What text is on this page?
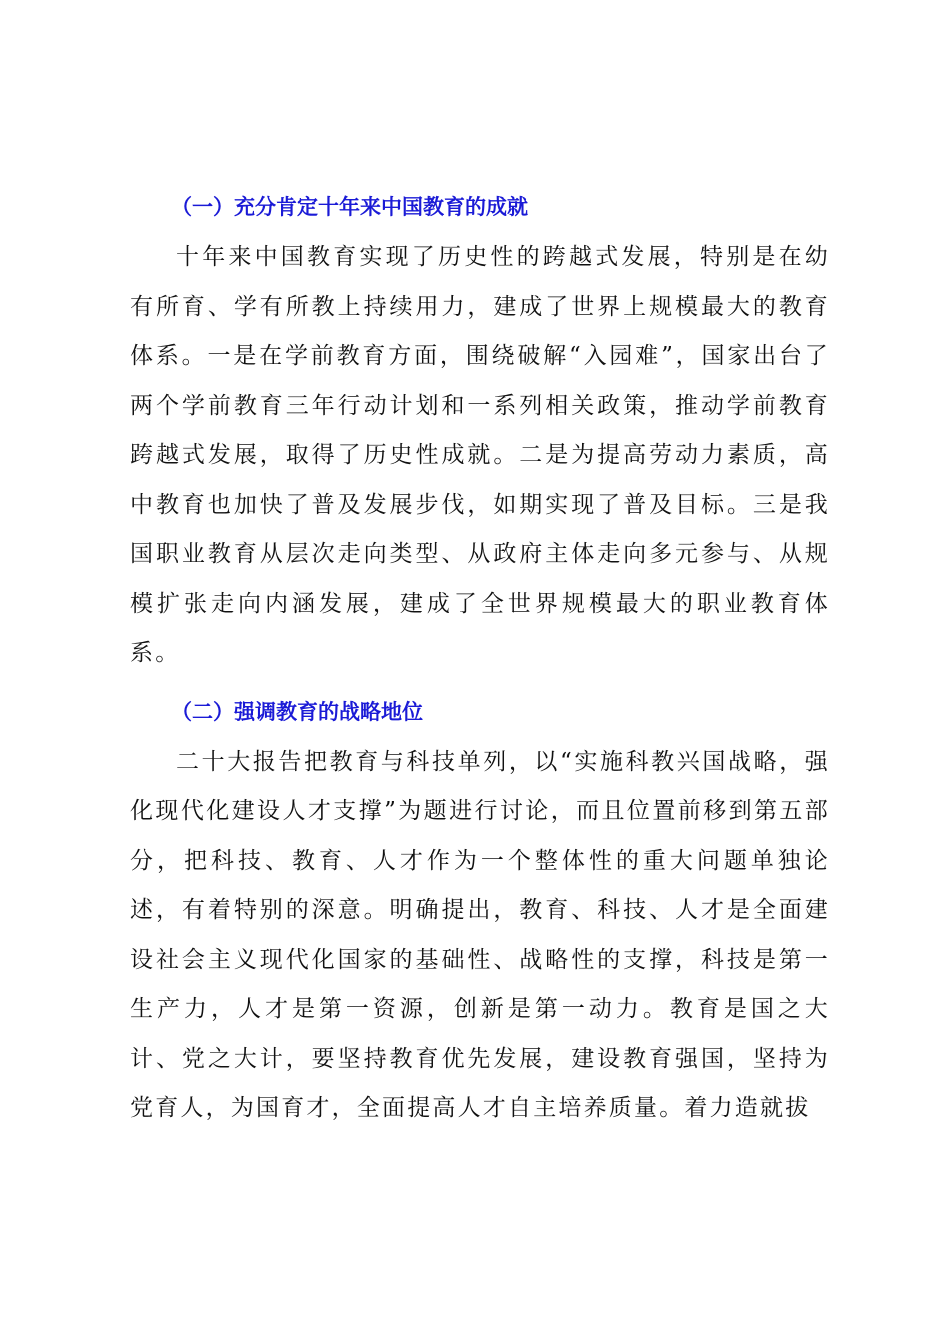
（一）充分肯定十年来中国教育的成就

十年来中国教育实现了历史性的跨越式发展，特别是在幼有所育、学有所教上持续用力，建成了世界上规模最大的教育体系。一是在学前教育方面，围绕破解“入园难”，国家出台了两个学前教育三年行动计划和一系列相关政策，推动学前教育跨越式发展，取得了历史性成就。二是为提高劳动力素质，高中教育也加快了普及发展步伐，如期实现了普及目标。三是我国职业教育从层次走向类型、从政府主体走向多元参与、从规模扩张走向内涵发展，建成了全世界规模最大的职业教育体系。

（二）强调教育的战略地位

二十大报告把教育与科技单列，以“实施科教兴国战略，强化现代化建设人才支撑”为题进行讨论，而且位置前移到第五部分，把科技、教育、人才作为一个整体性的重大问题单独论述，有着特别的深意。明确提出，教育、科技、人才是全面建设社会主义现代化国家的基础性、战略性的支撑，科技是第一生产力，人才是第一资源，创新是第一动力。教育是国之大计、党之大计，要坚持教育优先发展，建设教育强国，坚持为党育人，为国育才，全面提高人才自主培养质量。着力造就拔
